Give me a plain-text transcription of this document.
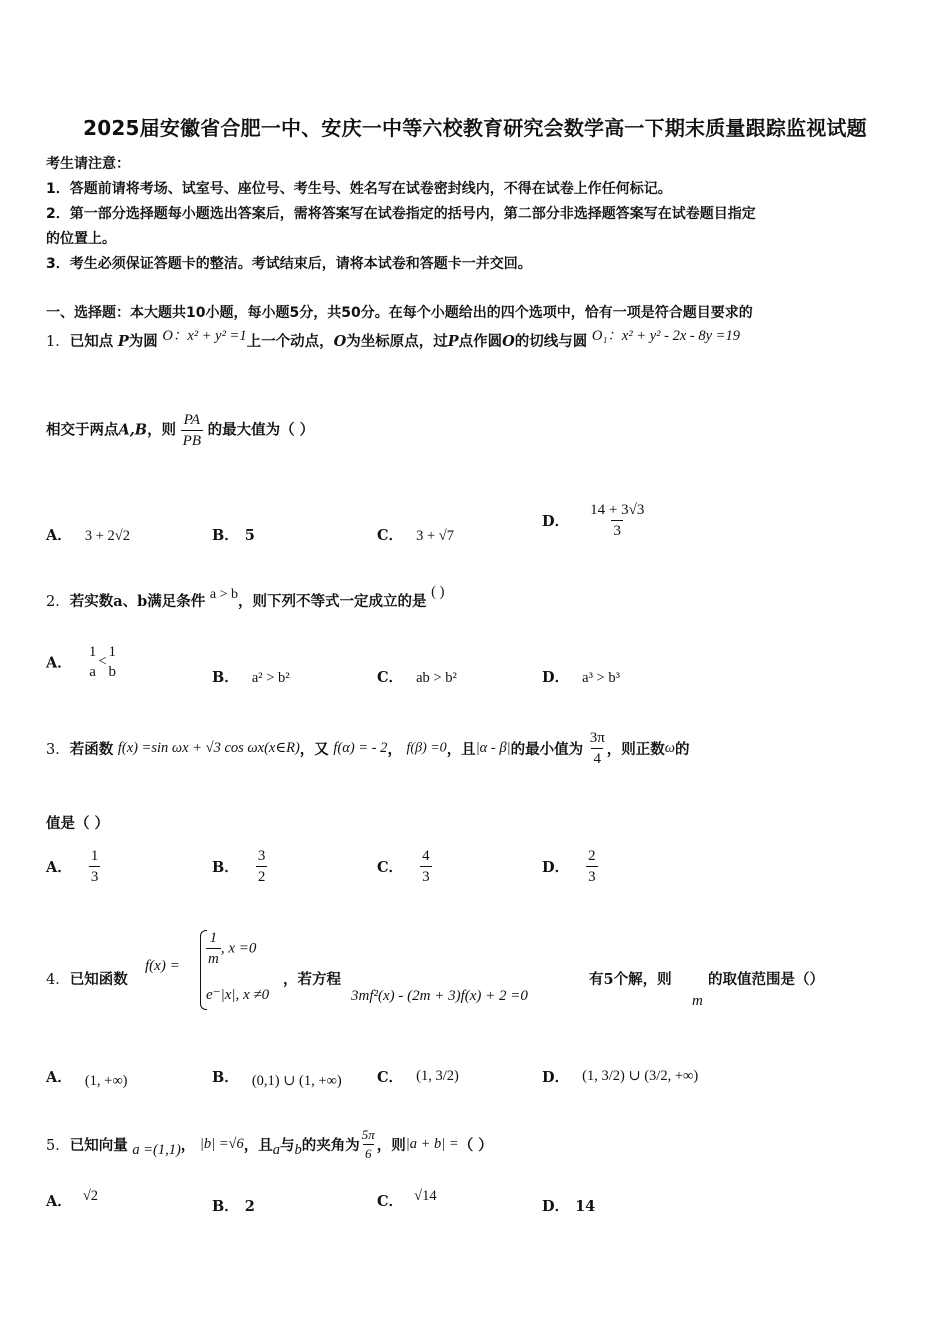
2025届安徽省合肥一中、安庆一中等六校教育研究会数学高一下期末质量跟踪监视试题
考生请注意：
1．答题前请将考场、试室号、座位号、考生号、姓名写在试卷密封线内，不得在试卷上作任何标记。
2．第一部分选择题每小题选出答案后，需将答案写在试卷指定的括号内，第二部分非选择题答案写在试卷题目指定
的位置上。
3．考生必须保证答题卡的整洁。考试结束后，请将本试卷和答题卡一并交回。
一、选择题：本大题共10小题，每小题5分，共50分。在每个小题给出的四个选项中，恰有一项是符合题目要求的
1．已知点 P为圆 O：x² + y² =1上一个动点，O为坐标原点，过P点作圆O的切线与圆 O₁：x² + y² - 2x - 8y =19
相交于两点A,B，则 $\frac{PA}{PB}$ 的最大值为（ ）
A． 3 + 2√2	B． 5	C． 3 + √7
D． $\frac{14 + 3√3}{3}$
2．若实数a、b满足条件 a > b，则下列不等式一定成立的是 ( )
A．
1
a
<
1
b	B． a² > b²	C． ab > b²	D． a³ > b³
3．若函数 f(x) =sin ωx + √3 cos ωx(x∈R)，又 f(α) = - 2， f(β) =0，且|α - β|的最小值为 $\frac{3\pi}{4}$ ，则正数ω的
值是（ ）
A． $\frac{1}{3}$	B． $\frac{3}{2}$	C． $\frac{4}{3}$	D． $\frac{2}{3}$
4．已知函数
$f(x) = \frac{1}{m}$ , x =0
e⁻|x|, x ≠0
，若方程
3mf²(x) - (2m + 3)f(x) + 2 =0
有5个解，则	的取值范围是（）
m
A． (1, +∞)	B． (0,1) ∪ (1, +∞) C． (1, 3/2)	D． (1, 3/2) ∪ (3/2, +∞)
5．已知向量 a =(1,1)， |b| =√6，且a与b的夹角为 $\frac{5\pi}{6}$ ，则|a + b| =（ ）
A． √2
B． 2	C． √14
D． 14
